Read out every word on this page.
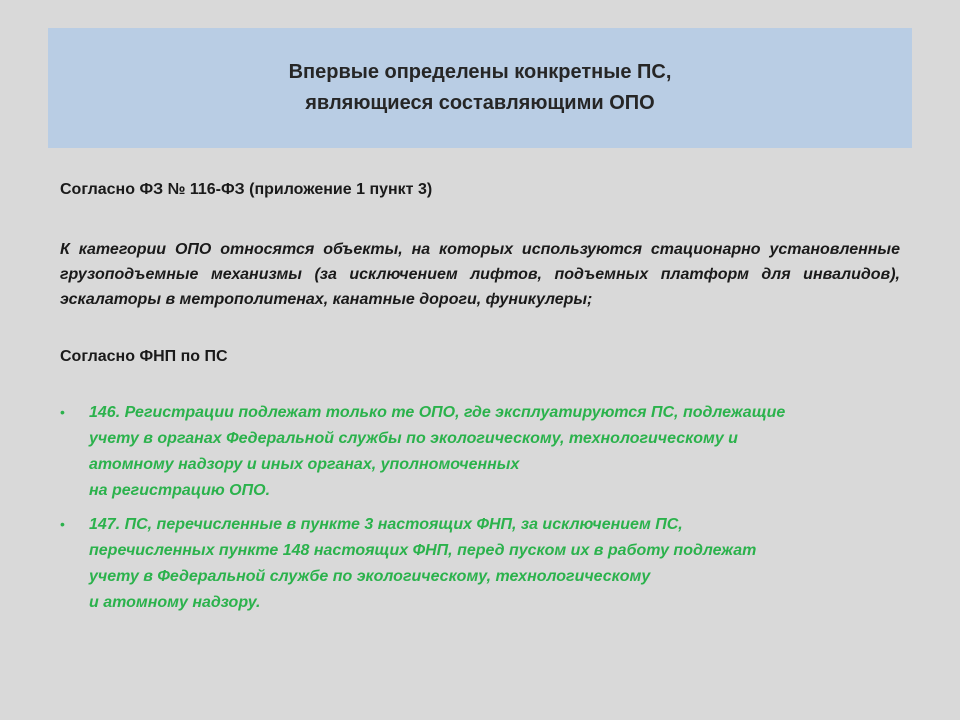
Впервые определены конкретные ПС,
являющиеся составляющими ОПО

Согласно ФЗ № 116-ФЗ (приложение 1 пункт 3)

К категории ОПО относятся объекты, на которых используются стационарно установленные грузоподъемные механизмы (за исключением лифтов, подъемных платформ для инвалидов), эскалаторы в метрополитенах, канатные дороги, фуникулеры;

Согласно ФНП по ПС

•	146. Регистрации подлежат только те ОПО, где эксплуатируются ПС, подлежащие
учету в органах Федеральной службы по экологическому, технологическому и
атомному надзору и иных органах, уполномоченных
на регистрацию ОПО.
•	147. ПС, перечисленные в пункте 3 настоящих ФНП, за исключением ПС,
перечисленных пункте 148 настоящих ФНП, перед пуском их в работу подлежат
учету в Федеральной службе по экологическому, технологическому
и атомному надзору.
